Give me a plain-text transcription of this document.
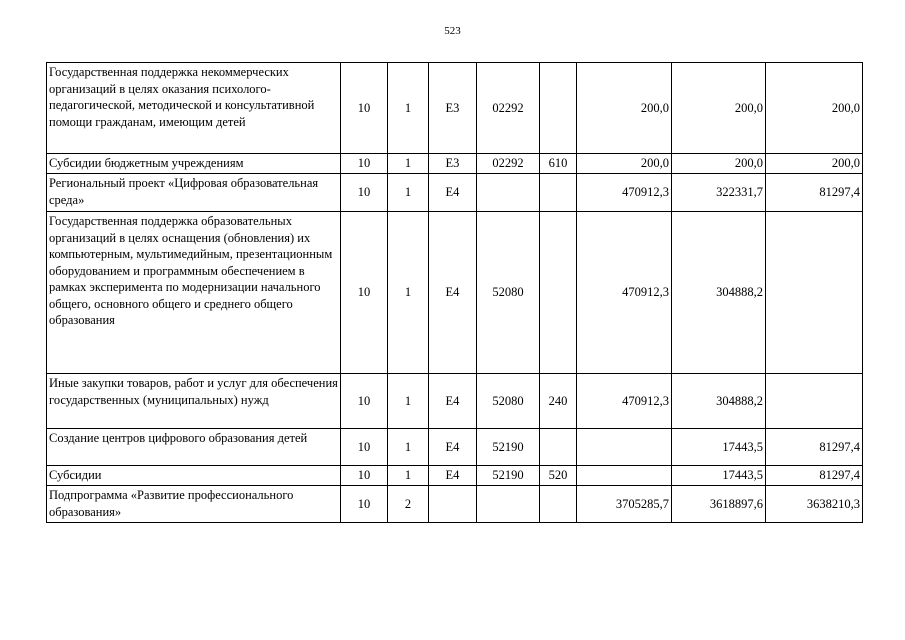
523
Государственная поддержка некоммерческих организаций в целях оказания психолого-педагогической, методической и консультативной помощи гражданам, имеющим детей	10	1	Е3	02292		200,0	200,0	200,0
Субсидии бюджетным учреждениям	10	1	Е3	02292	610	200,0	200,0	200,0
Региональный проект «Цифровая образовательная среда»	10	1	Е4			470912,3	322331,7	81297,4
Государственная поддержка образовательных организаций в целях оснащения (обновления) их компьютерным, мультимедийным, презентационным оборудованием и программным обеспечением в рамках эксперимента по модернизации начального общего, основного общего и среднего общего образования	10	1	Е4	52080		470912,3	304888,2	
Иные закупки товаров, работ и услуг для обеспечения государственных (муниципальных) нужд	10	1	Е4	52080	240	470912,3	304888,2	
Создание центров цифрового образования детей	10	1	Е4	52190			17443,5	81297,4
Субсидии	10	1	Е4	52190	520		17443,5	81297,4
Подпрограмма «Развитие профессионального образования»	10	2				3705285,7	3618897,6	3638210,3
